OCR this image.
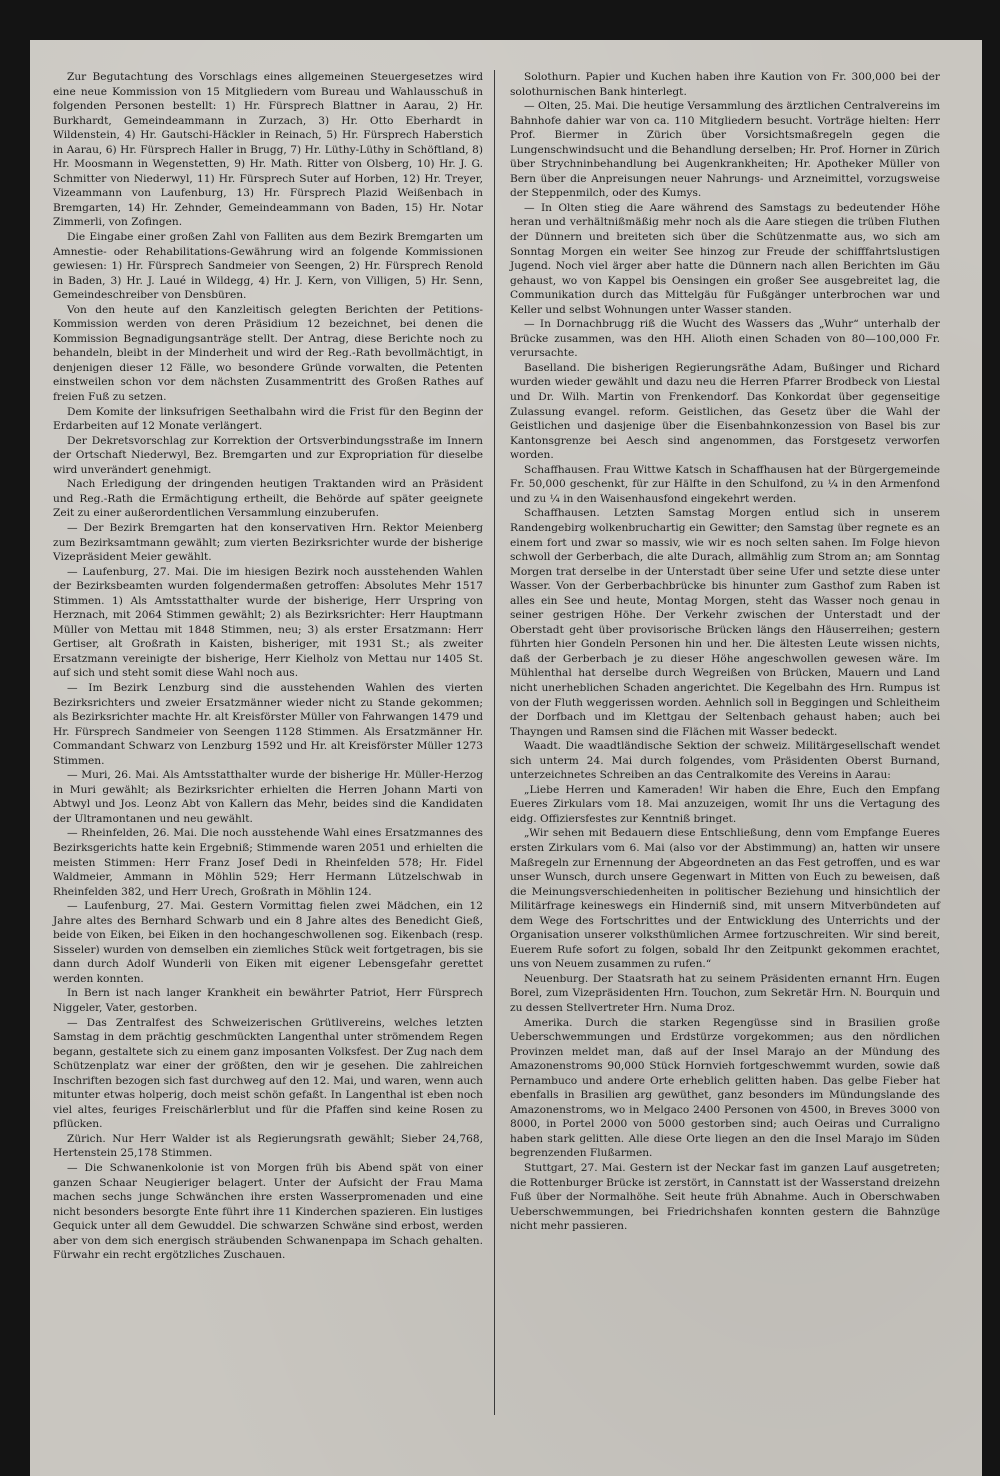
Zur Begutachtung des Vorschlags eines allgemeinen Steuergesetzes wird eine neue Kommission von 15 Mitgliedern vom Bureau und Wahlausschuß in folgenden Personen bestellt: 1) Hr. Fürsprech Blattner in Aarau, 2) Hr. Burkhardt, Gemeindeammann in Zurzach, 3) Hr. Otto Eberhardt in Wildenstein, 4) Hr. Gautschi-Häckler in Reinach, 5) Hr. Fürsprech Haberstich in Aarau, 6) Hr. Fürsprech Haller in Brugg, 7) Hr. Lüthy-Lüthy in Schöftland, 8) Hr. Moosmann in Wegenstetten, 9) Hr. Math. Ritter von Olsberg, 10) Hr. J. G. Schmitter von Niederwyl, 11) Hr. Fürsprech Suter auf Horben, 12) Hr. Treyer, Vizeammann von Laufenburg, 13) Hr. Fürsprech Plazid Weißenbach in Bremgarten, 14) Hr. Zehnder, Gemeindeammann von Baden, 15) Hr. Notar Zimmerli, von Zofingen.

Die Eingabe einer großen Zahl von Falliten aus dem Bezirk Bremgarten um Amnestie- oder Rehabilitations-Gewährung wird an folgende Kommissionen gewiesen: 1) Hr. Fürsprech Sandmeier von Seengen, 2) Hr. Fürsprech Renold in Baden, 3) Hr. J. Laué in Wildegg, 4) Hr. J. Kern, von Villigen, 5) Hr. Senn, Gemeindeschreiber von Densbüren.

Von den heute auf den Kanzleitisch gelegten Berichten der Petitions-Kommission werden von deren Präsidium 12 bezeichnet, bei denen die Kommission Begnadigungsanträge stellt. Der Antrag, diese Berichte noch zu behandeln, bleibt in der Minderheit und wird der Reg.-Rath bevollmächtigt, in denjenigen dieser 12 Fälle, wo besondere Gründe vorwalten, die Petenten einstweilen schon vor dem nächsten Zusammentritt des Großen Rathes auf freien Fuß zu setzen.

Dem Komite der linksufrigen Seethalbahn wird die Frist für den Beginn der Erdarbeiten auf 12 Monate verlängert.

Der Dekretsvorschlag zur Korrektion der Ortsverbindungsstraße im Innern der Ortschaft Niederwyl, Bez. Bremgarten und zur Expropriation für dieselbe wird unverändert genehmigt.

Nach Erledigung der dringenden heutigen Traktanden wird an Präsident und Reg.-Rath die Ermächtigung ertheilt, die Behörde auf später geeignete Zeit zu einer außerordentlichen Versammlung einzuberufen.

— Der Bezirk Bremgarten hat den konservativen Hrn. Rektor Meienberg zum Bezirksamtmann gewählt; zum vierten Bezirksrichter wurde der bisherige Vizepräsident Meier gewählt.

— Laufenburg, 27. Mai. Die im hiesigen Bezirk noch ausstehenden Wahlen der Bezirksbeamten wurden folgendermaßen getroffen: Absolutes Mehr 1517 Stimmen. 1) Als Amtsstatthalter wurde der bisherige, Herr Urspring von Herznach, mit 2064 Stimmen gewählt; 2) als Bezirksrichter: Herr Hauptmann Müller von Mettau mit 1848 Stimmen, neu; 3) als erster Ersatzmann: Herr Gertiser, alt Großrath in Kaisten, bisheriger, mit 1931 St.; als zweiter Ersatzmann vereinigte der bisherige, Herr Kielholz von Mettau nur 1405 St. auf sich und steht somit diese Wahl noch aus.

— Im Bezirk Lenzburg sind die ausstehenden Wahlen des vierten Bezirksrichters und zweier Ersatzmänner wieder nicht zu Stande gekommen; als Bezirksrichter machte Hr. alt Kreisförster Müller von Fahrwangen 1479 und Hr. Fürsprech Sandmeier von Seengen 1128 Stimmen. Als Ersatzmänner Hr. Commandant Schwarz von Lenzburg 1592 und Hr. alt Kreisförster Müller 1273 Stimmen.

— Muri, 26. Mai. Als Amtsstatthalter wurde der bisherige Hr. Müller-Herzog in Muri gewählt; als Bezirksrichter erhielten die Herren Johann Marti von Abtwyl und Jos. Leonz Abt von Kallern das Mehr, beides sind die Kandidaten der Ultramontanen und neu gewählt.

— Rheinfelden, 26. Mai. Die noch ausstehende Wahl eines Ersatzmannes des Bezirksgerichts hatte kein Ergebniß; Stimmende waren 2051 und erhielten die meisten Stimmen: Herr Franz Josef Dedi in Rheinfelden 578; Hr. Fidel Waldmeier, Ammann in Möhlin 529; Herr Hermann Lützelschwab in Rheinfelden 382, und Herr Urech, Großrath in Möhlin 124.

— Laufenburg, 27. Mai. Gestern Vormittag fielen zwei Mädchen, ein 12 Jahre altes des Bernhard Schwarb und ein 8 Jahre altes des Benedicht Gieß, beide von Eiken, bei Eiken in den hochangeschwollenen sog. Eikenbach (resp. Sisseler) wurden von demselben ein ziemliches Stück weit fortgetragen, bis sie dann durch Adolf Wunderli von Eiken mit eigener Lebensgefahr gerettet werden konnten.

In Bern ist nach langer Krankheit ein bewährter Patriot, Herr Fürsprech Niggeler, Vater, gestorben.

— Das Zentralfest des Schweizerischen Grütlivereins, welches letzten Samstag in dem prächtig geschmückten Langenthal unter strömendem Regen begann, gestaltete sich zu einem ganz imposanten Volksfest. Der Zug nach dem Schützenplatz war einer der größten, den wir je gesehen. Die zahlreichen Inschriften bezogen sich fast durchweg auf den 12. Mai, und waren, wenn auch mitunter etwas holperig, doch meist schön gefaßt. In Langenthal ist eben noch viel altes, feuriges Freischärlerblut und für die Pfaffen sind keine Rosen zu pflücken.

Zürich. Nur Herr Walder ist als Regierungsrath gewählt; Sieber 24,768, Hertenstein 25,178 Stimmen.

— Die Schwanenkolonie ist von Morgen früh bis Abend spät von einer ganzen Schaar Neugieriger belagert. Unter der Aufsicht der Frau Mama machen sechs junge Schwänchen ihre ersten Wasserpromenaden und eine nicht besonders besorgte Ente führt ihre 11 Kinderchen spazieren. Ein lustiges Gequick unter all dem Gewuddel. Die schwarzen Schwäne sind erbost, werden aber von dem sich energisch sträubenden Schwanenpapa im Schach gehalten. Fürwahr ein recht ergötzliches Zuschauen.

Solothurn. Papier und Kuchen haben ihre Kaution von Fr. 300,000 bei der solothurnischen Bank hinterlegt.

— Olten, 25. Mai. Die heutige Versammlung des ärztlichen Centralvereins im Bahnhofe dahier war von ca. 110 Mitgliedern besucht. Vorträge hielten: Herr Prof. Biermer in Zürich über Vorsichtsmaßregeln gegen die Lungenschwindsucht und die Behandlung derselben; Hr. Prof. Horner in Zürich über Strychninbehandlung bei Augenkrankheiten; Hr. Apotheker Müller von Bern über die Anpreisungen neuer Nahrungs- und Arzneimittel, vorzugsweise der Steppenmilch, oder des Kumys.

— In Olten stieg die Aare während des Samstags zu bedeutender Höhe heran und verhältnißmäßig mehr noch als die Aare stiegen die trüben Fluthen der Dünnern und breiteten sich über die Schützenmatte aus, wo sich am Sonntag Morgen ein weiter See hinzog zur Freude der schifffahrtslustigen Jugend. Noch viel ärger aber hatte die Dünnern nach allen Berichten im Gäu gehaust, wo von Kappel bis Oensingen ein großer See ausgebreitet lag, die Communikation durch das Mittelgäu für Fußgänger unterbrochen war und Keller und selbst Wohnungen unter Wasser standen.

— In Dornachbrugg riß die Wucht des Wassers das „Wuhr“ unterhalb der Brücke zusammen, was den HH. Alioth einen Schaden von 80—100,000 Fr. verursachte.

Baselland. Die bisherigen Regierungsräthe Adam, Bußinger und Richard wurden wieder gewählt und dazu neu die Herren Pfarrer Brodbeck von Liestal und Dr. Wilh. Martin von Frenkendorf. Das Konkordat über gegenseitige Zulassung evangel. reform. Geistlichen, das Gesetz über die Wahl der Geistlichen und dasjenige über die Eisenbahnkonzession von Basel bis zur Kantonsgrenze bei Aesch sind angenommen, das Forstgesetz verworfen worden.

Schaffhausen. Frau Wittwe Katsch in Schaffhausen hat der Bürgergemeinde Fr. 50,000 geschenkt, für zur Hälfte in den Schulfond, zu ¼ in den Armenfond und zu ¼ in den Waisenhausfond eingekehrt werden.

Schaffhausen. Letzten Samstag Morgen entlud sich in unserem Randengebirg wolkenbruchartig ein Gewitter; den Samstag über regnete es an einem fort und zwar so massiv, wie wir es noch selten sahen. Im Folge hievon schwoll der Gerberbach, die alte Durach, allmählig zum Strom an; am Sonntag Morgen trat derselbe in der Unterstadt über seine Ufer und setzte diese unter Wasser. Von der Gerberbachbrücke bis hinunter zum Gasthof zum Raben ist alles ein See und heute, Montag Morgen, steht das Wasser noch genau in seiner gestrigen Höhe. Der Verkehr zwischen der Unterstadt und der Oberstadt geht über provisorische Brücken längs den Häuserreihen; gestern führten hier Gondeln Personen hin und her. Die ältesten Leute wissen nichts, daß der Gerberbach je zu dieser Höhe angeschwollen gewesen wäre. Im Mühlenthal hat derselbe durch Wegreißen von Brücken, Mauern und Land nicht unerheblichen Schaden angerichtet. Die Kegelbahn des Hrn. Rumpus ist von der Fluth weggerissen worden. Aehnlich soll in Beggingen und Schleitheim der Dorfbach und im Klettgau der Seltenbach gehaust haben; auch bei Thayngen und Ramsen sind die Flächen mit Wasser bedeckt.

Waadt. Die waadtländische Sektion der schweiz. Militärgesellschaft wendet sich unterm 24. Mai durch folgendes, vom Präsidenten Oberst Burnand, unterzeichnetes Schreiben an das Centralkomite des Vereins in Aarau:

„Liebe Herren und Kameraden! Wir haben die Ehre, Euch den Empfang Eueres Zirkulars vom 18. Mai anzuzeigen, womit Ihr uns die Vertagung des eidg. Offiziersfestes zur Kenntniß bringet.

„Wir sehen mit Bedauern diese Entschließung, denn vom Empfange Eueres ersten Zirkulars vom 6. Mai (also vor der Abstimmung) an, hatten wir unsere Maßregeln zur Ernennung der Abgeordneten an das Fest getroffen, und es war unser Wunsch, durch unsere Gegenwart in Mitten von Euch zu beweisen, daß die Meinungsverschiedenheiten in politischer Beziehung und hinsichtlich der Militärfrage keineswegs ein Hinderniß sind, mit unsern Mitverbündeten auf dem Wege des Fortschrittes und der Entwicklung des Unterrichts und der Organisation unserer volksthümlichen Armee fortzuschreiten. Wir sind bereit, Euerem Rufe sofort zu folgen, sobald Ihr den Zeitpunkt gekommen erachtet, uns von Neuem zusammen zu rufen.“

Neuenburg. Der Staatsrath hat zu seinem Präsidenten ernannt Hrn. Eugen Borel, zum Vizepräsidenten Hrn. Touchon, zum Sekretär Hrn. N. Bourquin und zu dessen Stellvertreter Hrn. Numa Droz.

Amerika. Durch die starken Regengüsse sind in Brasilien große Ueberschwemmungen und Erdstürze vorgekommen; aus den nördlichen Provinzen meldet man, daß auf der Insel Marajo an der Mündung des Amazonenstroms 90,000 Stück Hornvieh fortgeschwemmt wurden, sowie daß Pernambuco und andere Orte erheblich gelitten haben. Das gelbe Fieber hat ebenfalls in Brasilien arg gewüthet, ganz besonders im Mündungslande des Amazonenstroms, wo in Melgaco 2400 Personen von 4500, in Breves 3000 von 8000, in Portel 2000 von 5000 gestorben sind; auch Oeiras und Curraligno haben stark gelitten. Alle diese Orte liegen an den die Insel Marajo im Süden begrenzenden Flußarmen.

Stuttgart, 27. Mai. Gestern ist der Neckar fast im ganzen Lauf ausgetreten; die Rottenburger Brücke ist zerstört, in Cannstatt ist der Wasserstand dreizehn Fuß über der Normalhöhe. Seit heute früh Abnahme. Auch in Oberschwaben Ueberschwemmungen, bei Friedrichshafen konnten gestern die Bahnzüge nicht mehr passieren.
